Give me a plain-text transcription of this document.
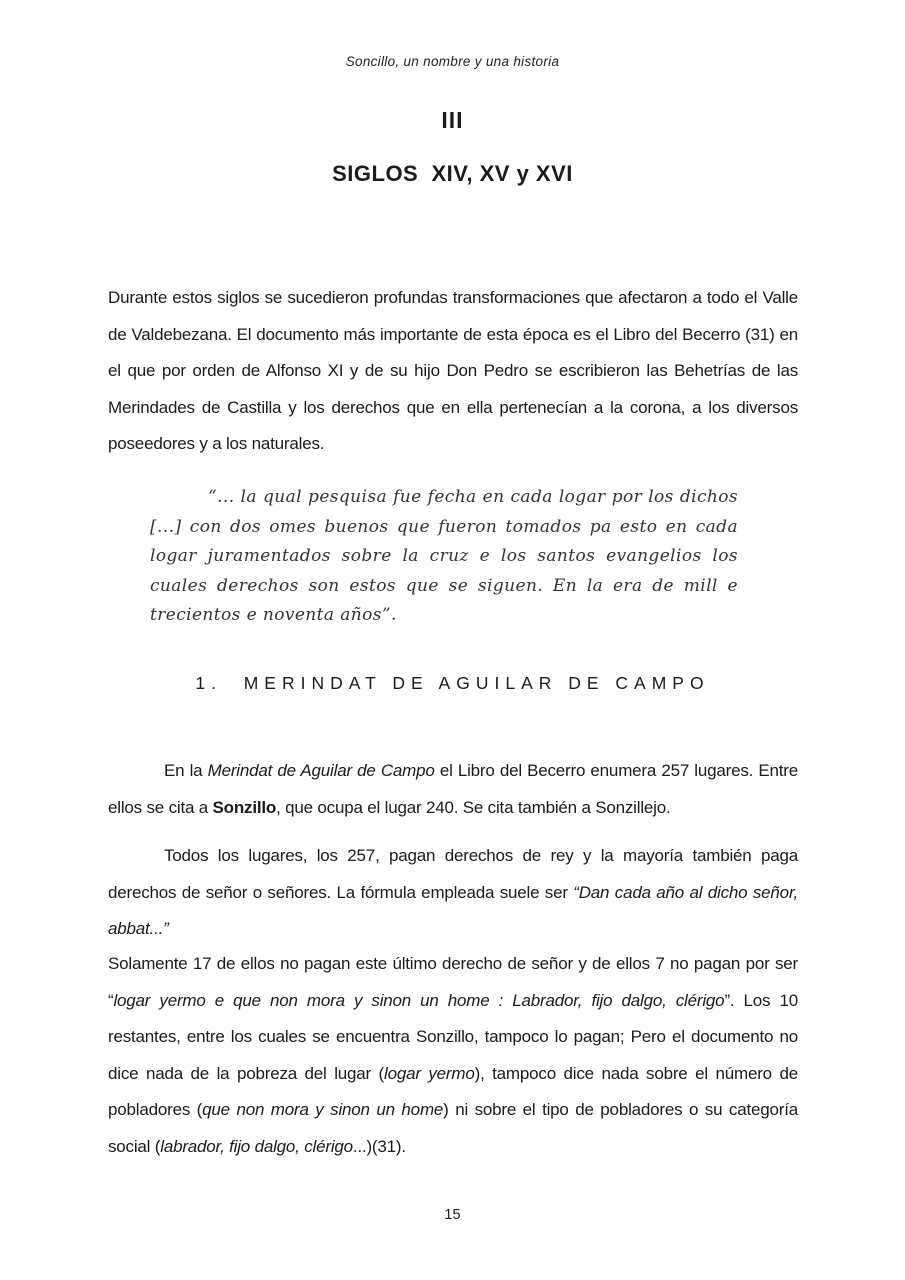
Soncillo, un nombre y una historia
III
SIGLOS  XIV, XV y XVI

Durante estos siglos se sucedieron profundas transformaciones que afectaron a todo el Valle de Valdebezana. El documento más importante de esta época es el Libro del Becerro (31) en el que por orden de Alfonso XI y de su hijo Don Pedro se escribieron las Behetrías de las Merindades de Castilla y los derechos que en ella pertenecían a la corona, a los diversos poseedores y a los naturales.

“... la qual pesquisa fue fecha en cada logar por los dichos [...] con dos omes buenos que fueron tomados pa esto en cada logar juramentados sobre la cruz e los santos evangelios los cuales derechos son estos que se siguen. En la era de mill e trecientos e noventa años”.
1.  MERINDAT DE AGUILAR DE CAMPO

En la Merindat de Aguilar de Campo el Libro del Becerro enumera 257 lugares. Entre ellos se cita a Sonzillo, que ocupa el lugar 240. Se cita también a Sonzillejo.

Todos los lugares, los 257, pagan derechos de rey y la mayoría también paga derechos de señor o señores. La fórmula empleada suele ser “Dan cada año al dicho señor, abbat...”

Solamente 17 de ellos no pagan este último derecho de señor y de ellos 7 no pagan por ser “logar yermo e que non mora y sinon un home : Labrador, fijo dalgo, clérigo”. Los 10 restantes, entre los cuales se encuentra Sonzillo, tampoco lo pagan; Pero el documento no dice nada de la pobreza del lugar (logar yermo), tampoco dice nada sobre el número de pobladores (que non mora y sinon un home) ni sobre el tipo de pobladores o su categoría social (labrador, fijo dalgo, clérigo...)(31).

15
